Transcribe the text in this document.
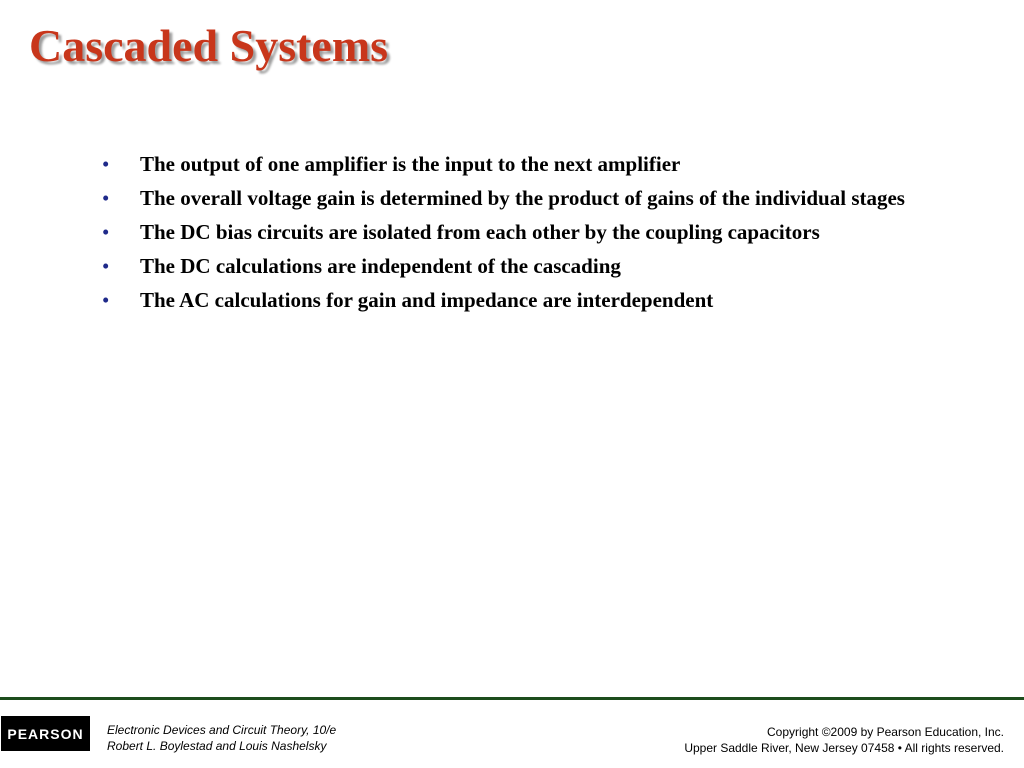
Cascaded Systems
• The output of one amplifier is the input to the next amplifier
• The overall voltage gain is determined by the product of gains of the individual stages
• The DC bias circuits are isolated from each other by the coupling capacitors
• The DC calculations are independent of the cascading
• The AC calculations for gain and impedance are interdependent
PEARSON Electronic Devices and Circuit Theory, 10/e
Robert L. Boylestad and Louis Nashelsky
Copyright ©2009 by Pearson Education, Inc.
Upper Saddle River, New Jersey 07458 • All rights reserved.
